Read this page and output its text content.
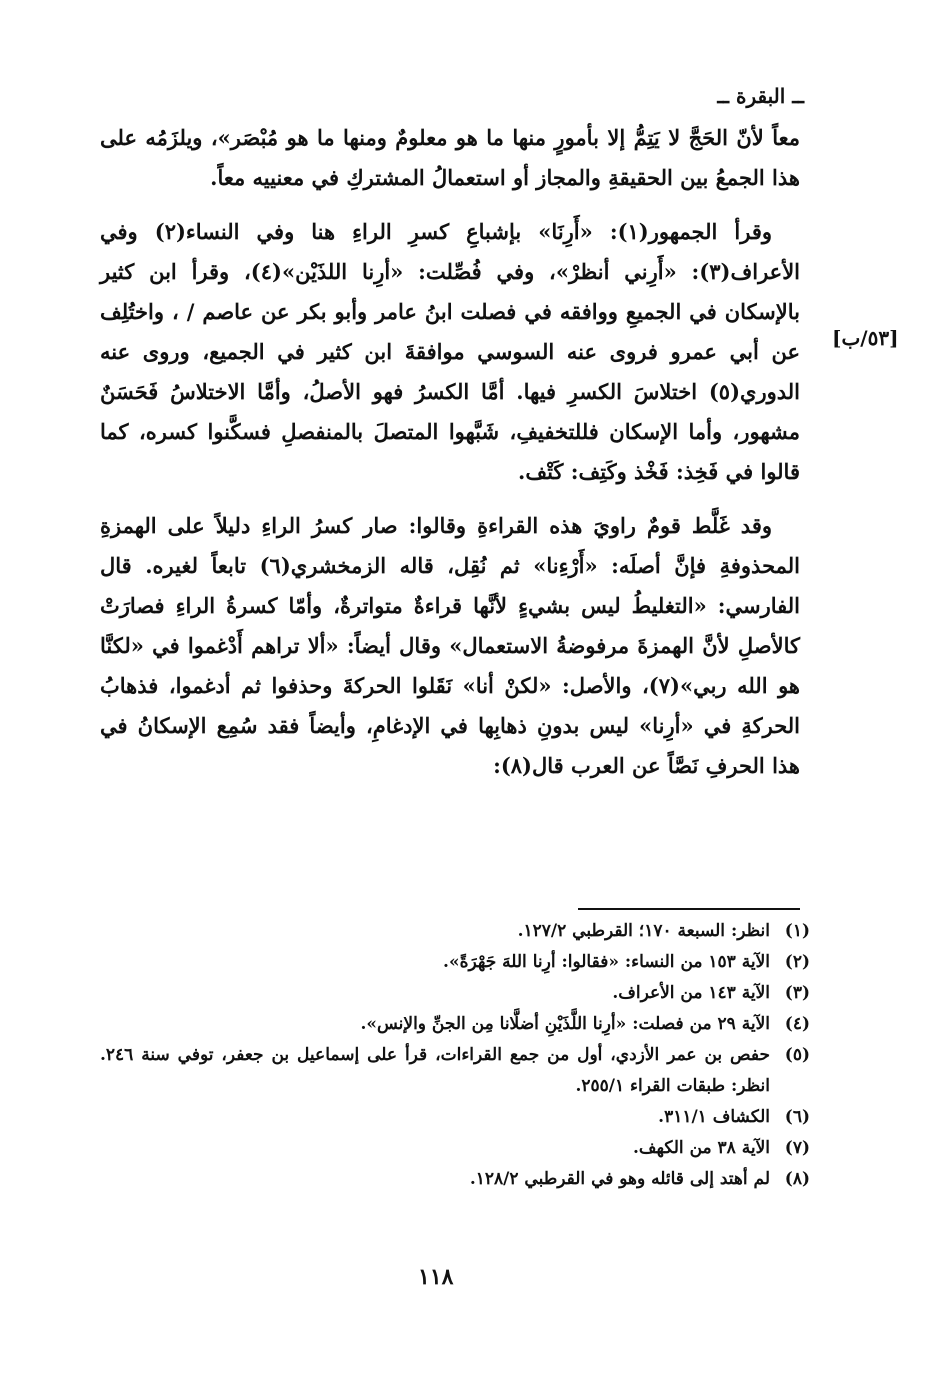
ــ البقرة ــ
[٥٣/ب]

معاً لأنّ الحَجَّ لا يَتِمُّ إلا بأمورٍ منها ما هو معلومٌ ومنها ما هو مُبْصَر»، ويلزَمُه على هذا الجمعُ بين الحقيقةِ والمجاز أو استعمالُ المشتركِ في معنييه معاً.

وقرأ الجمهور(١): «أَرِنَا» بإشباعِ كسرِ الراءِ هنا وفي النساء(٢) وفي الأعراف(٣): «أَرِني أنظرْ»، وفي فُصِّلت: «أرِنا اللذَيْن»(٤)، وقرأ ابن كثير بالإسكان في الجميعِ ووافقه في فصلت ابنُ عامر وأبو بكر عن عاصم / ، واختُلِف عن أبي عمرو فروى عنه السوسي موافقةَ ابن كثير في الجميع، وروى عنه الدوري(٥) اختلاسَ الكسرِ فيها. أمَّا الكسرُ فهو الأصلُ، وأمَّا الاختلاسُ فَحَسَنٌ مشهور، وأما الإسكان فللتخفيفِ، شَبَّهوا المتصلَ بالمنفصلِ فسكَّنوا كسره، كما قالوا في فَخِذ: فَخْذ وكَتِف: كَتْف.

وقد غَلَّط قومٌ راويَ هذه القراءةِ وقالوا: صار كسرُ الراءِ دليلاً على الهمزةِ المحذوفةِ فإنَّ أصلَه: «أَرْءِنا» ثم نُقِل، قاله الزمخشري(٦) تابعاً لغيره. قال الفارسي: «التغليطُ ليس بشيءٍ لأنَّها قراءةٌ متواترةٌ، وأمّا كسرةُ الراءِ فصارَتْ كالأصلِ لأنَّ الهمزةَ مرفوضةُ الاستعمال» وقال أيضاً: «ألا تراهم أَدْغموا في «لكنَّا هو الله ربي»(٧)، والأصل: «لكنْ أنا» نَقَلوا الحركةَ وحذفوا ثم أدغموا، فذهابُ الحركةِ في «أرِنا» ليس بدونِ ذهابِها في الإدغامِ، وأيضاً فقد سُمِع الإسكانُ في هذا الحرفِ نَصَّاً عن العرب قال(٨):

(١)
انظر: السبعة ١٧٠؛ القرطبي ١٢٧/٢.
(٢)
الآية ١٥٣ من النساء: «فقالوا: أرِنا اللهَ جَهْرَةً».
(٣)
الآية ١٤٣ من الأعراف.
(٤)
الآية ٢٩ من فصلت: «أرِنا اللَّذَيْنِ أضلَّانا مِن الجنِّ والإنس».
(٥)
حفص بن عمر الأزدي، أول من جمع القراءات، قرأ على إسماعيل بن جعفر، توفي سنة ٢٤٦. انظر: طبقات القراء ٢٥٥/١.
(٦)
الكشاف ٣١١/١.
(٧)
الآية ٣٨ من الكهف.
(٨)
لم أهتد إلى قائله وهو في القرطبي ١٢٨/٢.
١١٨
